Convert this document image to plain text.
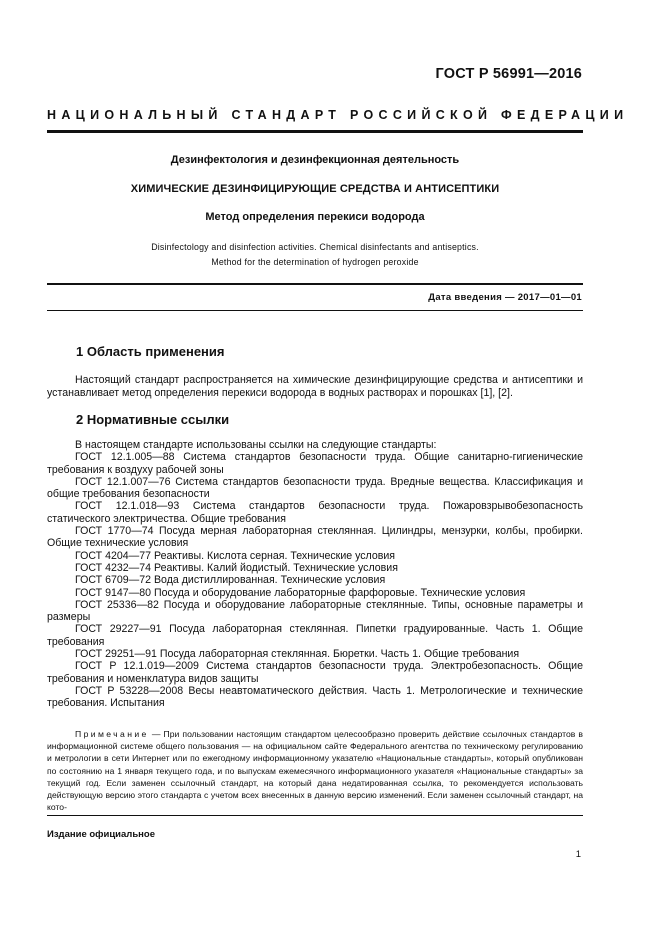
ГОСТ Р 56991—2016
НАЦИОНАЛЬНЫЙ СТАНДАРТ РОССИЙСКОЙ ФЕДЕРАЦИИ
Дезинфектология и дезинфекционная деятельность
ХИМИЧЕСКИЕ ДЕЗИНФИЦИРУЮЩИЕ СРЕДСТВА И АНТИСЕПТИКИ
Метод определения перекиси водорода
Disinfectology and disinfection activities. Chemical disinfectants and antiseptics.
Method for the determination of hydrogen peroxide
Дата введения — 2017—01—01
1 Область применения
Настоящий стандарт распространяется на химические дезинфицирующие средства и антисептики и устанавливает метод определения перекиси водорода в водных растворах и порошках [1], [2].
2 Нормативные ссылки

В настоящем стандарте использованы ссылки на следующие стандарты:

ГОСТ 12.1.005—88 Система стандартов безопасности труда. Общие санитарно-гигиенические требования к воздуху рабочей зоны

ГОСТ 12.1.007—76 Система стандартов безопасности труда. Вредные вещества. Классификация и общие требования безопасности

ГОСТ 12.1.018—93 Система стандартов безопасности труда. Пожаровзрывобезопасность статического электричества. Общие требования

ГОСТ 1770—74 Посуда мерная лабораторная стеклянная. Цилиндры, мензурки, колбы, пробирки. Общие технические условия

ГОСТ 4204—77 Реактивы. Кислота серная. Технические условия

ГОСТ 4232—74 Реактивы. Калий йодистый. Технические условия

ГОСТ 6709—72 Вода дистиллированная. Технические условия

ГОСТ 9147—80 Посуда и оборудование лабораторные фарфоровые. Технические условия

ГОСТ 25336—82 Посуда и оборудование лабораторные стеклянные. Типы, основные параметры и размеры

ГОСТ 29227—91 Посуда лабораторная стеклянная. Пипетки градуированные. Часть 1. Общие требования

ГОСТ 29251—91 Посуда лабораторная стеклянная. Бюретки. Часть 1. Общие требования

ГОСТ Р 12.1.019—2009 Система стандартов безопасности труда. Электробезопасность. Общие требования и номенклатура видов защиты

ГОСТ Р 53228—2008 Весы неавтоматического действия. Часть 1. Метрологические и технические требования. Испытания

Примечание — При пользовании настоящим стандартом целесообразно проверить действие ссылочных стандартов в информационной системе общего пользования — на официальном сайте Федерального агентства по техническому регулированию и метрологии в сети Интернет или по ежегодному информационному указателю «Национальные стандарты», который опубликован по состоянию на 1 января текущего года, и по выпускам ежемесячного информационного указателя «Национальные стандарты» за текущий год. Если заменен ссылочный стандарт, на который дана недатированная ссылка, то рекомендуется использовать действующую версию этого стандарта с учетом всех внесенных в данную версию изменений. Если заменен ссылочный стандарт, на кото-
Издание официальное
1
